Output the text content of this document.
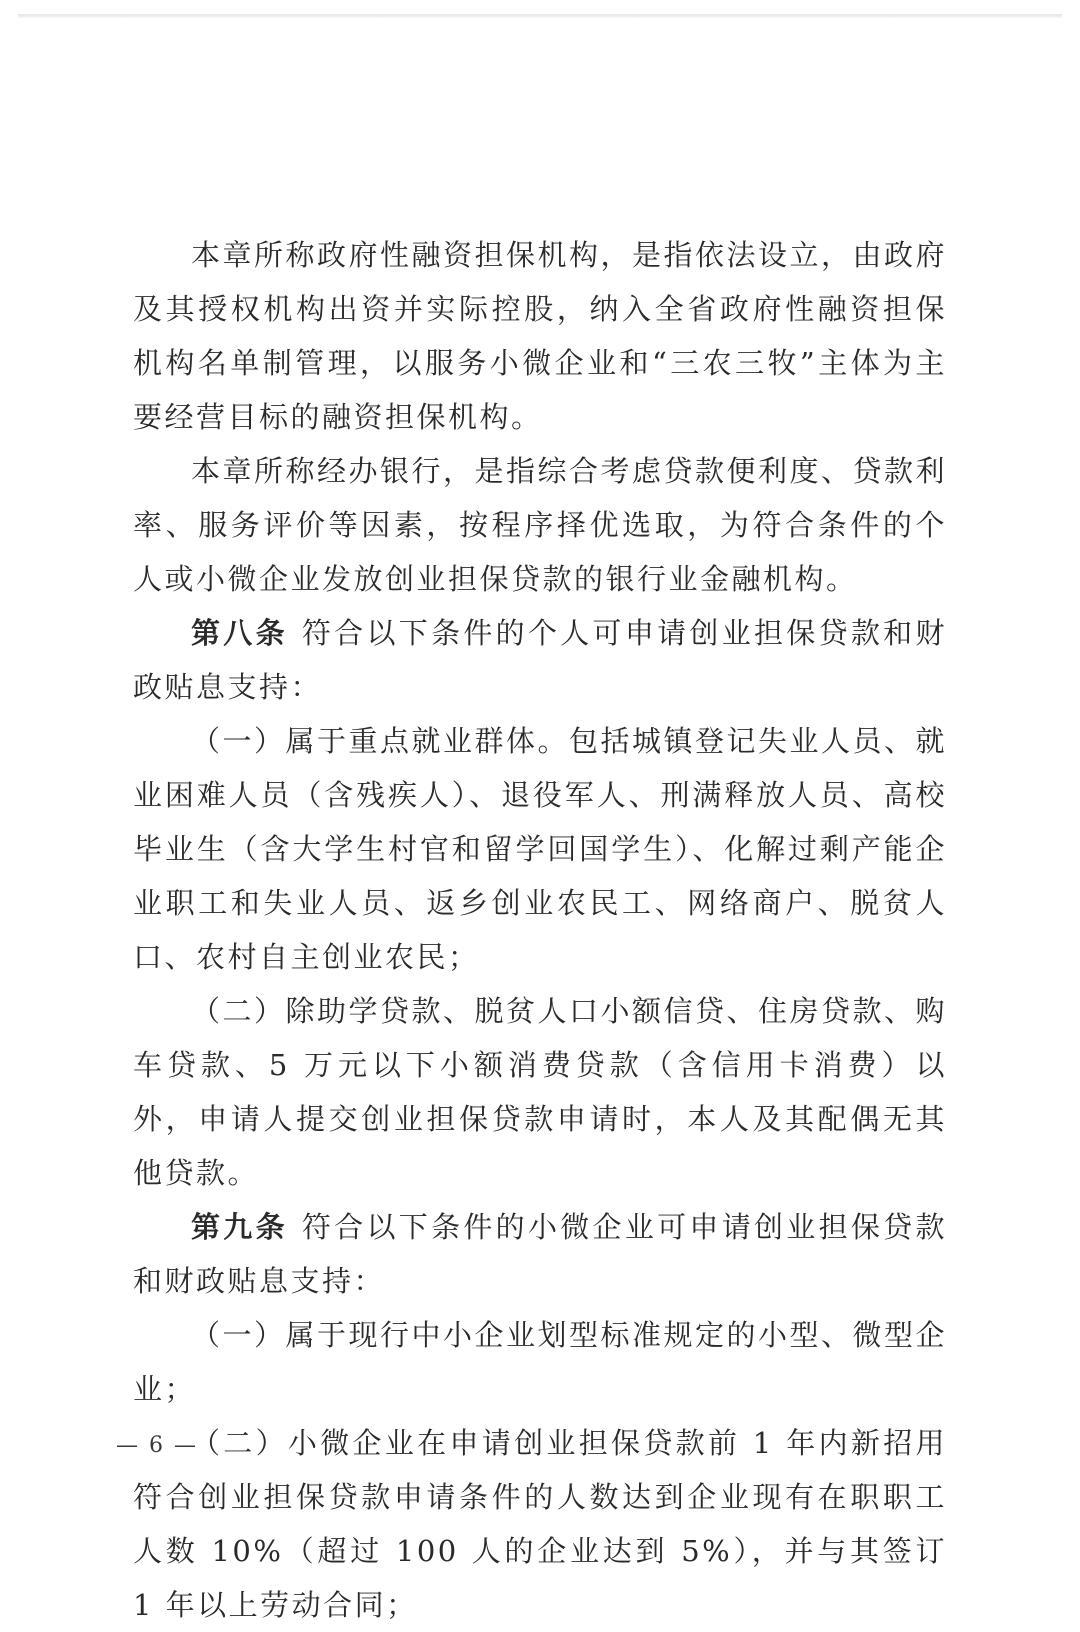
本章所称政府性融资担保机构，是指依法设立，由政府及其授权机构出资并实际控股，纳入全省政府性融资担保机构名单制管理，以服务小微企业和“三农三牧”主体为主要经营目标的融资担保机构。

本章所称经办银行，是指综合考虑贷款便利度、贷款利率、服务评价等因素，按程序择优选取，为符合条件的个人或小微企业发放创业担保贷款的银行业金融机构。

第八条 符合以下条件的个人可申请创业担保贷款和财政贴息支持：

（一）属于重点就业群体。包括城镇登记失业人员、就业困难人员（含残疾人）、退役军人、刑满释放人员、高校毕业生（含大学生村官和留学回国学生）、化解过剩产能企业职工和失业人员、返乡创业农民工、网络商户、脱贫人口、农村自主创业农民；

（二）除助学贷款、脱贫人口小额信贷、住房贷款、购车贷款、5 万元以下小额消费贷款（含信用卡消费）以外，申请人提交创业担保贷款申请时，本人及其配偶无其他贷款。

第九条 符合以下条件的小微企业可申请创业担保贷款和财政贴息支持：

（一）属于现行中小企业划型标准规定的小型、微型企业；

（二）小微企业在申请创业担保贷款前 1 年内新招用符合创业担保贷款申请条件的人数达到企业现有在职职工人数 10%（超过 100 人的企业达到 5%），并与其签订 1 年以上劳动合同；

— 6 —
